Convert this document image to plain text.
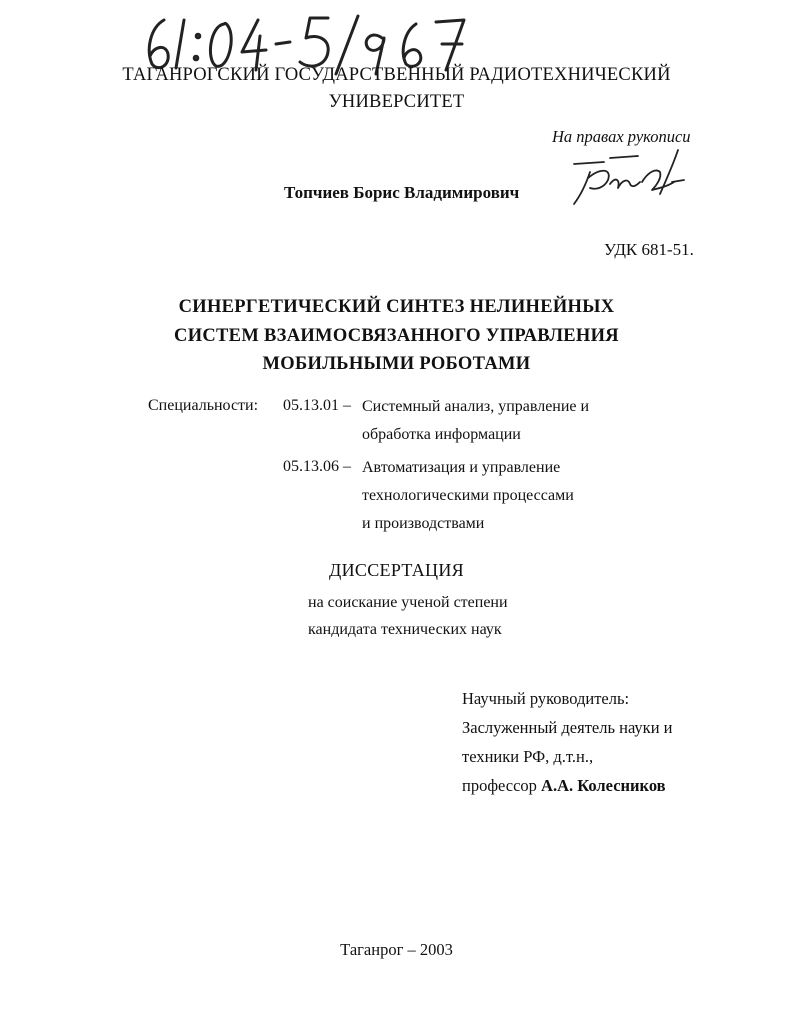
ТАГАНРОГСКИЙ ГОСУДАРСТВЕННЫЙ РАДИОТЕХНИЧЕСКИЙ
УНИВЕРСИТЕТ
На правах рукописи
Топчиев Борис Владимирович
УДК 681-51.
СИНЕРГЕТИЧЕСКИЙ СИНТЕЗ НЕЛИНЕЙНЫХ
СИСТЕМ ВЗАИМОСВЯЗАННОГО УПРАВЛЕНИЯ
МОБИЛЬНЫМИ РОБОТАМИ
Специальности: 05.13.01 – Системный анализ, управление и
обработка информации
05.13.06 – Автоматизация и управление
технологическими процессами
и производствами
ДИССЕРТАЦИЯ
на соискание ученой степени
кандидата технических наук
Научный руководитель:
Заслуженный деятель науки и
техники РФ, д.т.н.,
профессор А.А. Колесников
Таганрог – 2003
